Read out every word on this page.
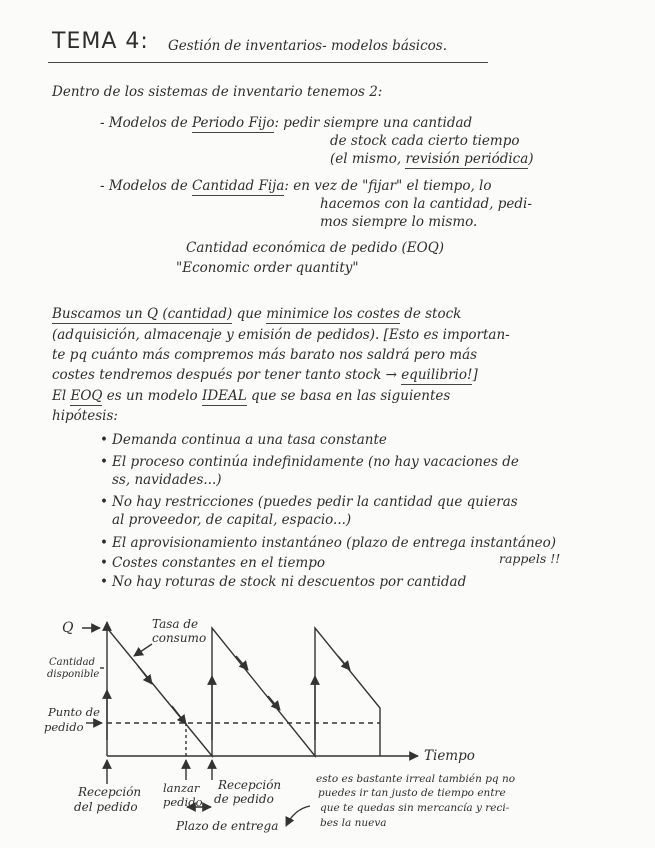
TEMA 4: Gestión de inventarios- modelos básicos.
Dentro de los sistemas de inventario tenemos 2:
- Modelos de Periodo Fijo: pedir siempre una cantidad
de stock cada cierto tiempo
(el mismo, revisión periódica)
- Modelos de Cantidad Fija: en vez de "fijar" el tiempo, lo
hacemos con la cantidad, pedi-
mos siempre lo mismo.
Cantidad económica de pedido (EOQ)
"Economic order quantity"
Buscamos un Q (cantidad) que minimice los costes de stock
(adquisición, almacenaje y emisión de pedidos). [Esto es importan-
te pq cuánto más compremos más barato nos saldrá pero más
costes tendremos después por tener tanto stock → equilibrio!]
El EOQ es un modelo IDEAL que se basa en las siguientes
hipótesis:
• Demanda continua a una tasa constante
• El proceso continúa indefinidamente (no hay vacaciones de
ss, navidades...)
• No hay restricciones (puedes pedir la cantidad que quieras
al proveedor, de capital, espacio...)
• El aprovisionamiento instantáneo (plazo de entrega instantáneo)
• Costes constantes en el tiempo
• No hay roturas de stock ni descuentos por cantidad
rappels !!
Q	Tasa de
consumo
Cantidad
disponible
Punto de
pedido
Tiempo
Recepción
del pedido
lanzar
pedido
Recepción
de pedido
Plazo de entrega
esto es bastante irreal también pq no
puedes ir tan justo de tiempo entre
que te quedas sin mercancía y reci-
bes la nueva
